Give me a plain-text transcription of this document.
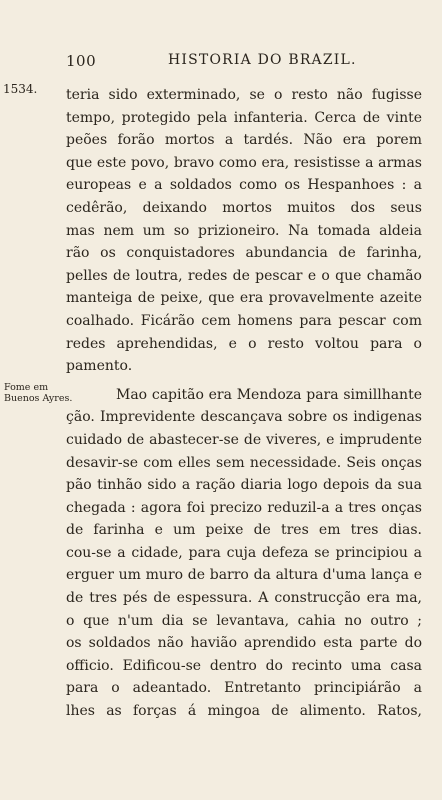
100	HISTORIA DO BRAZIL.
1534.
Fome em
Buenos Ayres.
teria sido exterminado, se o resto não fugisse
tempo, protegido pela infanteria. Cerca de vinte
peões forão mortos a tardés. Não era porem
que este povo, bravo como era, resistisse a armas
europeas e a soldados como os Hespanhoes : a
cedêrão, deixando mortos muitos dos seus
mas nem um so prizioneiro. Na tomada aldeia
rão os conquistadores abundancia de farinha,
pelles de loutra, redes de pescar e o que chamão
manteiga de peixe, que era provavelmente azeite
coalhado. Ficárão cem homens para pescar com
redes aprehendidas, e o resto voltou para o
pamento.
Mao capitão era Mendoza para simillhante
ção. Imprevidente descançava sobre os indigenas
cuidado de abastecer-se de viveres, e imprudente
desavir-se com elles sem necessidade. Seis onças
pão tinhão sido a ração diaria logo depois da sua
chegada : agora foi precizo reduzil-a a tres onças
de farinha e um peixe de tres em tres dias.
cou-se a cidade, para cuja defeza se principiou a
erguer um muro de barro da altura d'uma lança e
de tres pés de espessura. A construcção era ma,
o que n'um dia se levantava, cahia no outro ;
os soldados não havião aprendido esta parte do
officio. Edificou-se dentro do recinto uma casa
para o adeantado. Entretanto principiárão a
lhes as forças á mingoa de alimento. Ratos,
